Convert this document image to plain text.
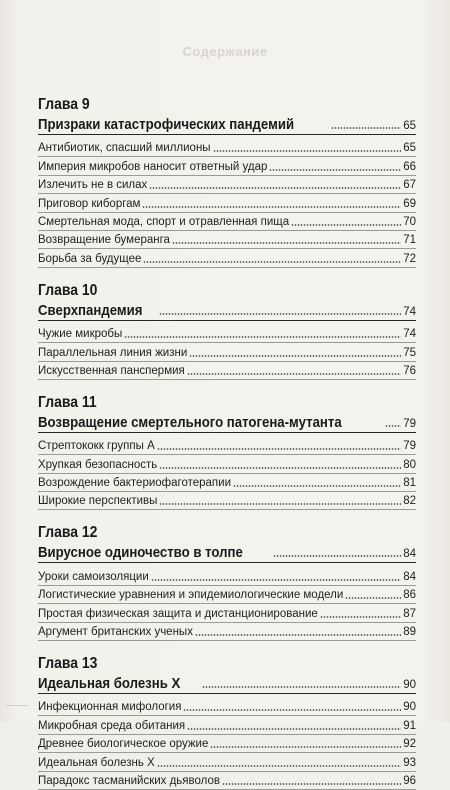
Содержание
Глава 9
Призраки катастрофических пандемий	65
Антибиотик, спасший миллионы	65
Империя микробов наносит ответный удар	66
Излечить не в силах	67
Приговор киборгам	69
Смертельная мода, спорт и отравленная пища	70
Возвращение бумеранга	71
Борьба за будущее	72
Глава 10
Сверхпандемия	74
Чужие микробы	74
Параллельная линия жизни	75
Искусственная панспермия	76
Глава 11
Возвращение смертельного патогена-мутанта	79
Стрептококк группы А	79
Хрупкая безопасность	80
Возрождение бактериофаготерапии	81
Широкие перспективы	82
Глава 12
Вирусное одиночество в толпе	84
Уроки самоизоляции	84
Логистические уравнения и эпидемиологические модели	86
Простая физическая защита и дистанционирование	87
Аргумент британских ученых	89
Глава 13
Идеальная болезнь X	90
Инфекционная мифология	90
Микробная среда обитания	91
Древнее биологическое оружие	92
Идеальная болезнь X	93
Парадокс тасманийских дьяволов	96
